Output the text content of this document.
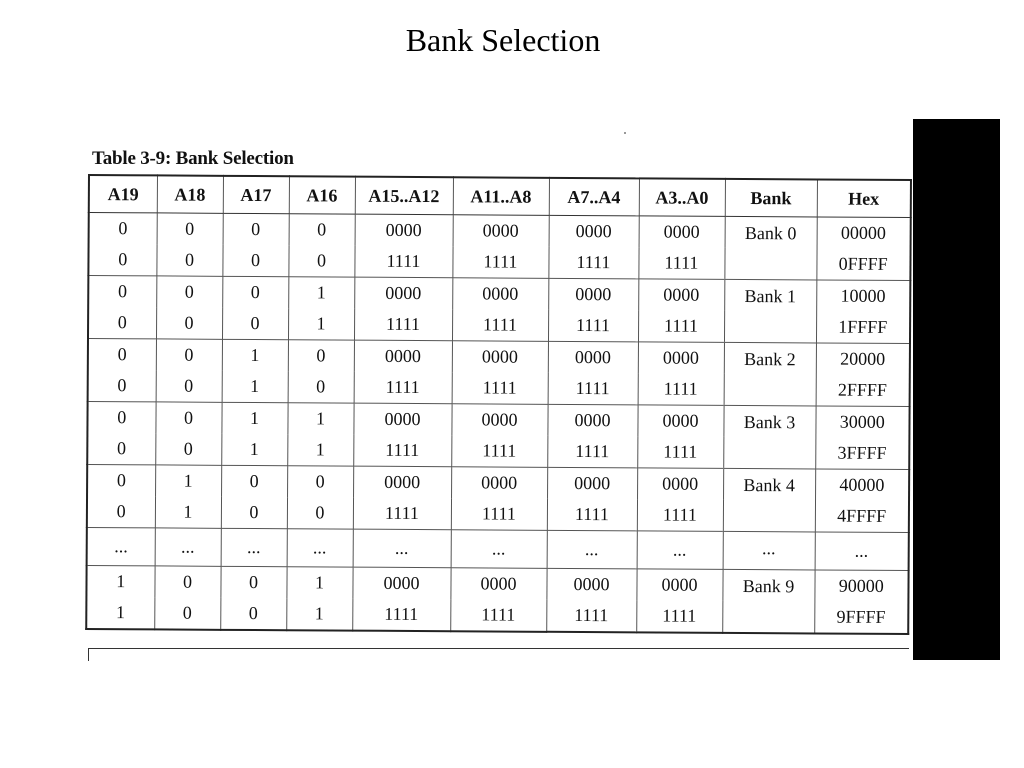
Bank Selection
Table 3-9: Bank Selection
A19	A18	A17	A16	A15..A12	A11..A8	A7..A4	A3..A0	Bank	Hex
0	0	0	0	0000	0000	0000	0000	Bank 0	00000
0	0	0	0	1111	1111	1111	1111		0FFFF
0	0	0	1	0000	0000	0000	0000	Bank 1	10000
0	0	0	1	1111	1111	1111	1111		1FFFF
0	0	1	0	0000	0000	0000	0000	Bank 2	20000
0	0	1	0	1111	1111	1111	1111		2FFFF
0	0	1	1	0000	0000	0000	0000	Bank 3	30000
0	0	1	1	1111	1111	1111	1111		3FFFF
0	1	0	0	0000	0000	0000	0000	Bank 4	40000
0	1	0	0	1111	1111	1111	1111		4FFFF
...	...	...	...	...	...	...	...	...	...
1	0	0	1	0000	0000	0000	0000	Bank 9	90000
1	0	0	1	1111	1111	1111	1111		9FFFF
